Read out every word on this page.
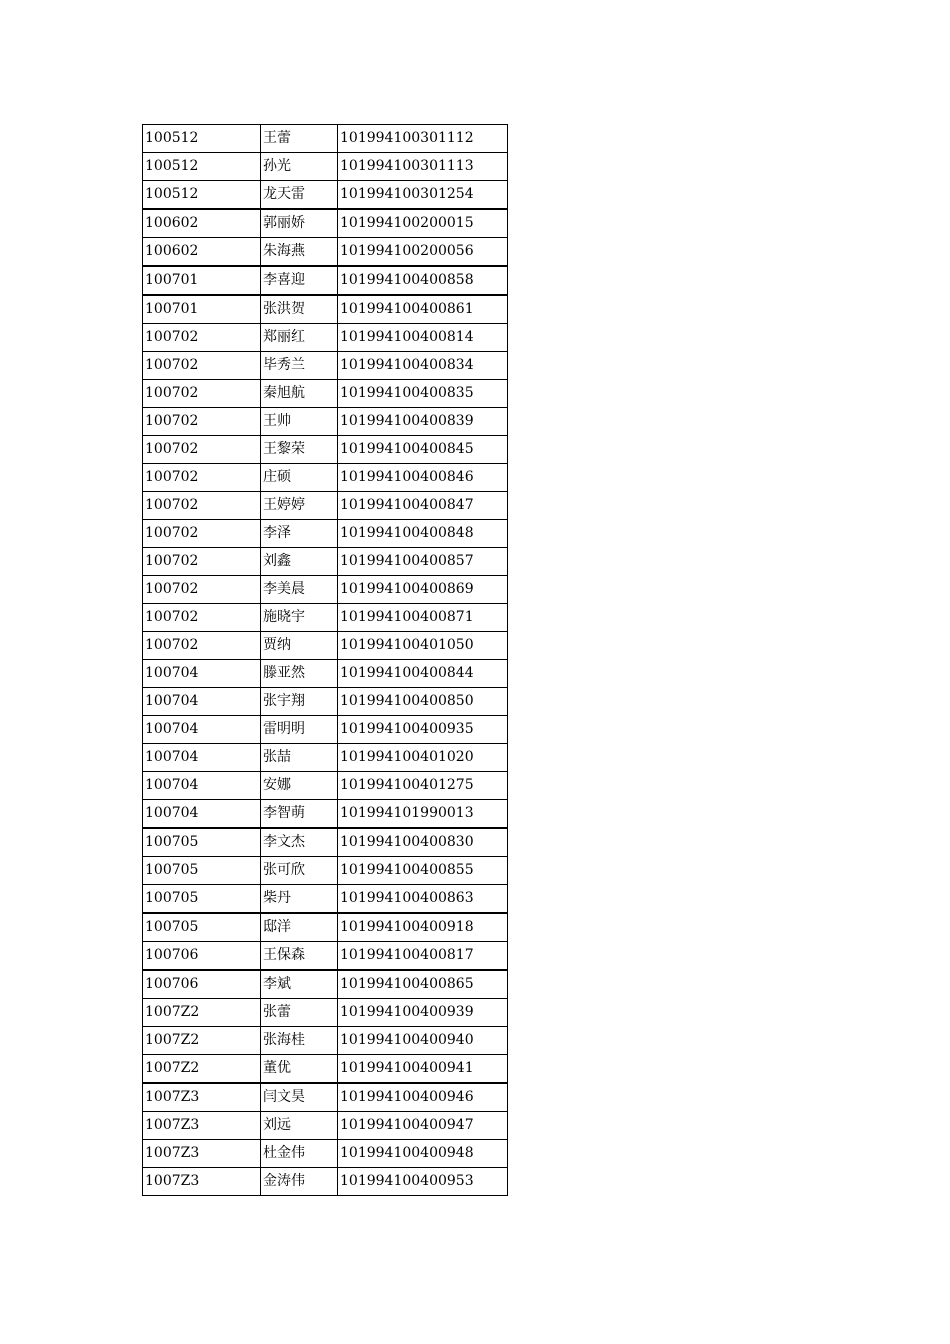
100512	王蕾	101994100301112
100512	孙光	101994100301113
100512	龙天雷	101994100301254
100602	郭丽娇	101994100200015
100602	朱海燕	101994100200056
100701	李喜迎	101994100400858
100701	张洪贺	101994100400861
100702	郑丽红	101994100400814
100702	毕秀兰	101994100400834
100702	秦旭航	101994100400835
100702	王帅	101994100400839
100702	王黎荣	101994100400845
100702	庄硕	101994100400846
100702	王婷婷	101994100400847
100702	李泽	101994100400848
100702	刘鑫	101994100400857
100702	李美晨	101994100400869
100702	施晓宇	101994100400871
100702	贾纳	101994100401050
100704	滕亚然	101994100400844
100704	张宇翔	101994100400850
100704	雷明明	101994100400935
100704	张喆	101994100401020
100704	安娜	101994100401275
100704	李智萌	101994101990013
100705	李文杰	101994100400830
100705	张可欣	101994100400855
100705	柴丹	101994100400863
100705	邸洋	101994100400918
100706	王保森	101994100400817
100706	李斌	101994100400865
1007Z2	张蕾	101994100400939
1007Z2	张海桂	101994100400940
1007Z2	董优	101994100400941
1007Z3	闫文昊	101994100400946
1007Z3	刘远	101994100400947
1007Z3	杜金伟	101994100400948
1007Z3	金涛伟	101994100400953
